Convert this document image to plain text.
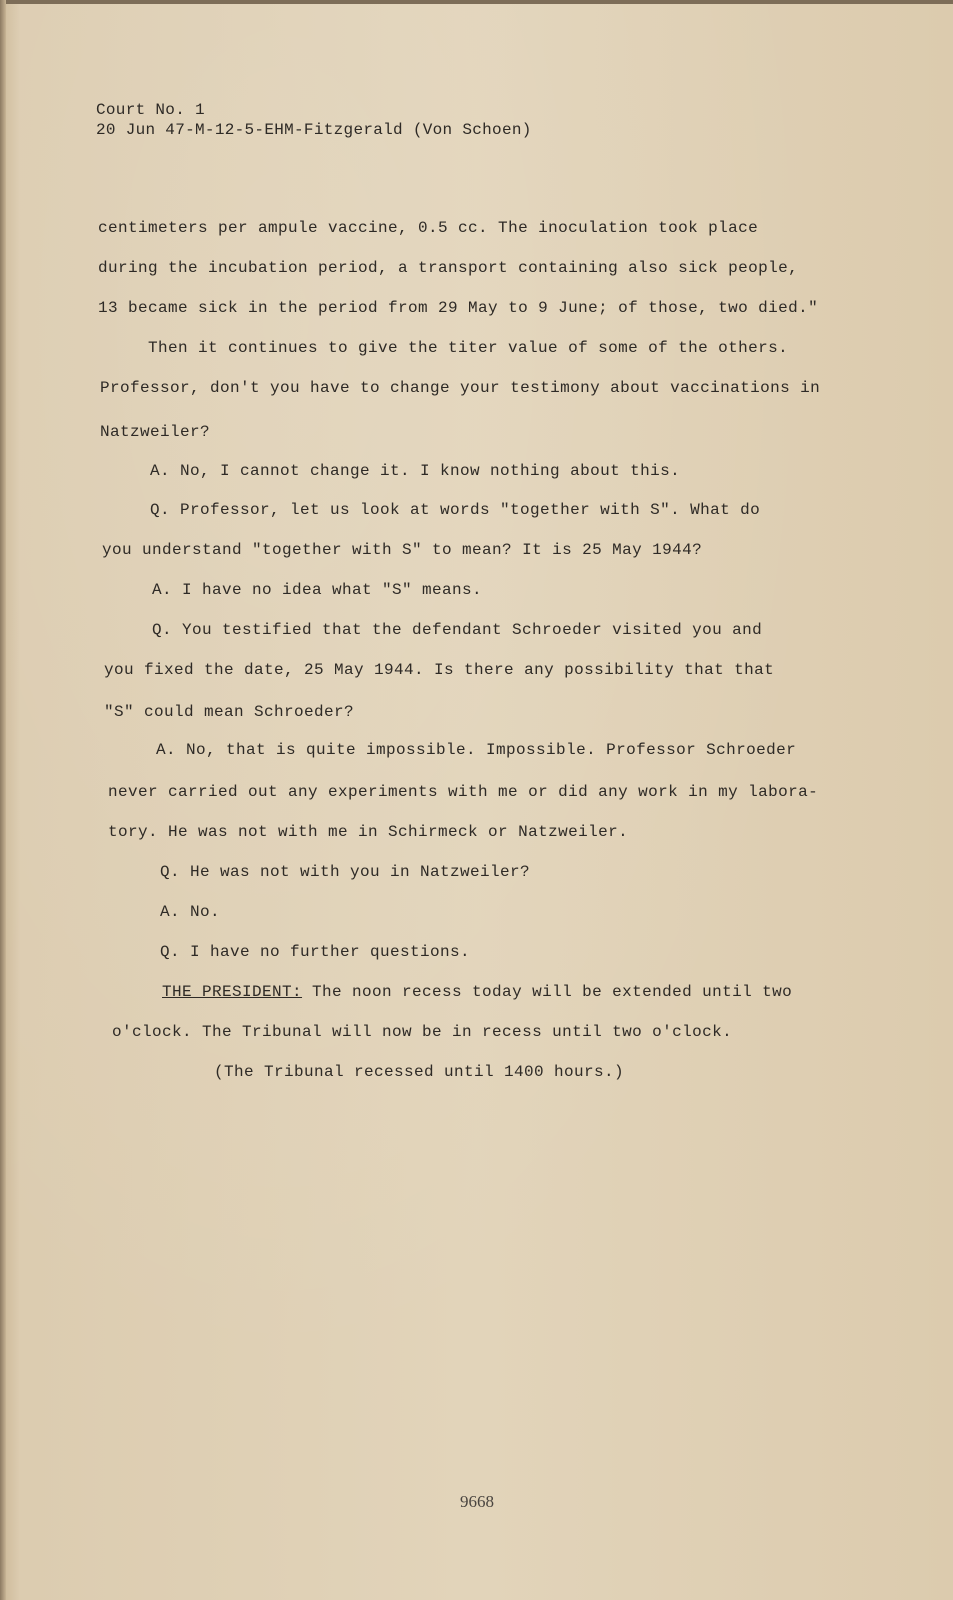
Court No. 1
20 Jun 47-M-12-5-EHM-Fitzgerald (Von Schoen)
centimeters per ampule vaccine, 0.5 cc. The inoculation took place
during the incubation period, a transport containing also sick people,
13 became sick in the period from 29 May to 9 June; of those, two died."
Then it continues to give the titer value of some of the others.
Professor, don't you have to change your testimony about vaccinations in
Natzweiler?
A. No, I cannot change it. I know nothing about this.
Q. Professor, let us look at words "together with S". What do
you understand "together with S" to mean? It is 25 May 1944?
A. I have no idea what "S" means.
Q. You testified that the defendant Schroeder visited you and
you fixed the date, 25 May 1944. Is there any possibility that that
"S" could mean Schroeder?
A. No, that is quite impossible. Impossible. Professor Schroeder
never carried out any experiments with me or did any work in my labora-
tory. He was not with me in Schirmeck or Natzweiler.
Q. He was not with you in Natzweiler?
A. No.
Q. I have no further questions.
THE PRESIDENT: The noon recess today will be extended until two
o'clock. The Tribunal will now be in recess until two o'clock.
(The Tribunal recessed until 1400 hours.)
9668
